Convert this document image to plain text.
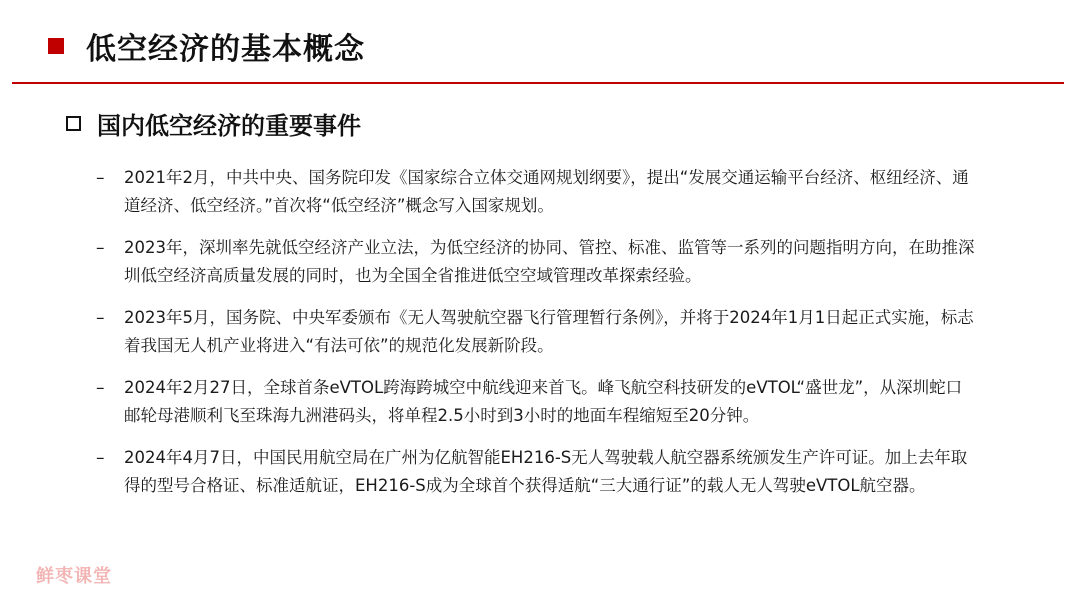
低空经济的基本概念
国内低空经济的重要事件
–	2021年2月，中共中央、国务院印发《国家综合立体交通网规划纲要》，提出“发展交通运输平台经济、枢纽经济、通道经济、低空经济。”首次将“低空经济”概念写入国家规划。
–	2023年，深圳率先就低空经济产业立法，为低空经济的协同、管控、标准、监管等一系列的问题指明方向，在助推深圳低空经济高质量发展的同时，也为全国全省推进低空空域管理改革探索经验。
–	2023年5月，国务院、中央军委颁布《无人驾驶航空器飞行管理暂行条例》，并将于2024年1月1日起正式实施，标志着我国无人机产业将进入“有法可依”的规范化发展新阶段。
–	2024年2月27日，全球首条eVTOL跨海跨城空中航线迎来首飞。峰飞航空科技研发的eVTOL“盛世龙”，从深圳蛇口邮轮母港顺利飞至珠海九洲港码头，将单程2.5小时到3小时的地面车程缩短至20分钟。
–	2024年4月7日，中国民用航空局在广州为亿航智能EH216-S无人驾驶载人航空器系统颁发生产许可证。加上去年取得的型号合格证、标准适航证，EH216-S成为全球首个获得适航“三大通行证”的载人无人驾驶eVTOL航空器。
鲜枣课堂
